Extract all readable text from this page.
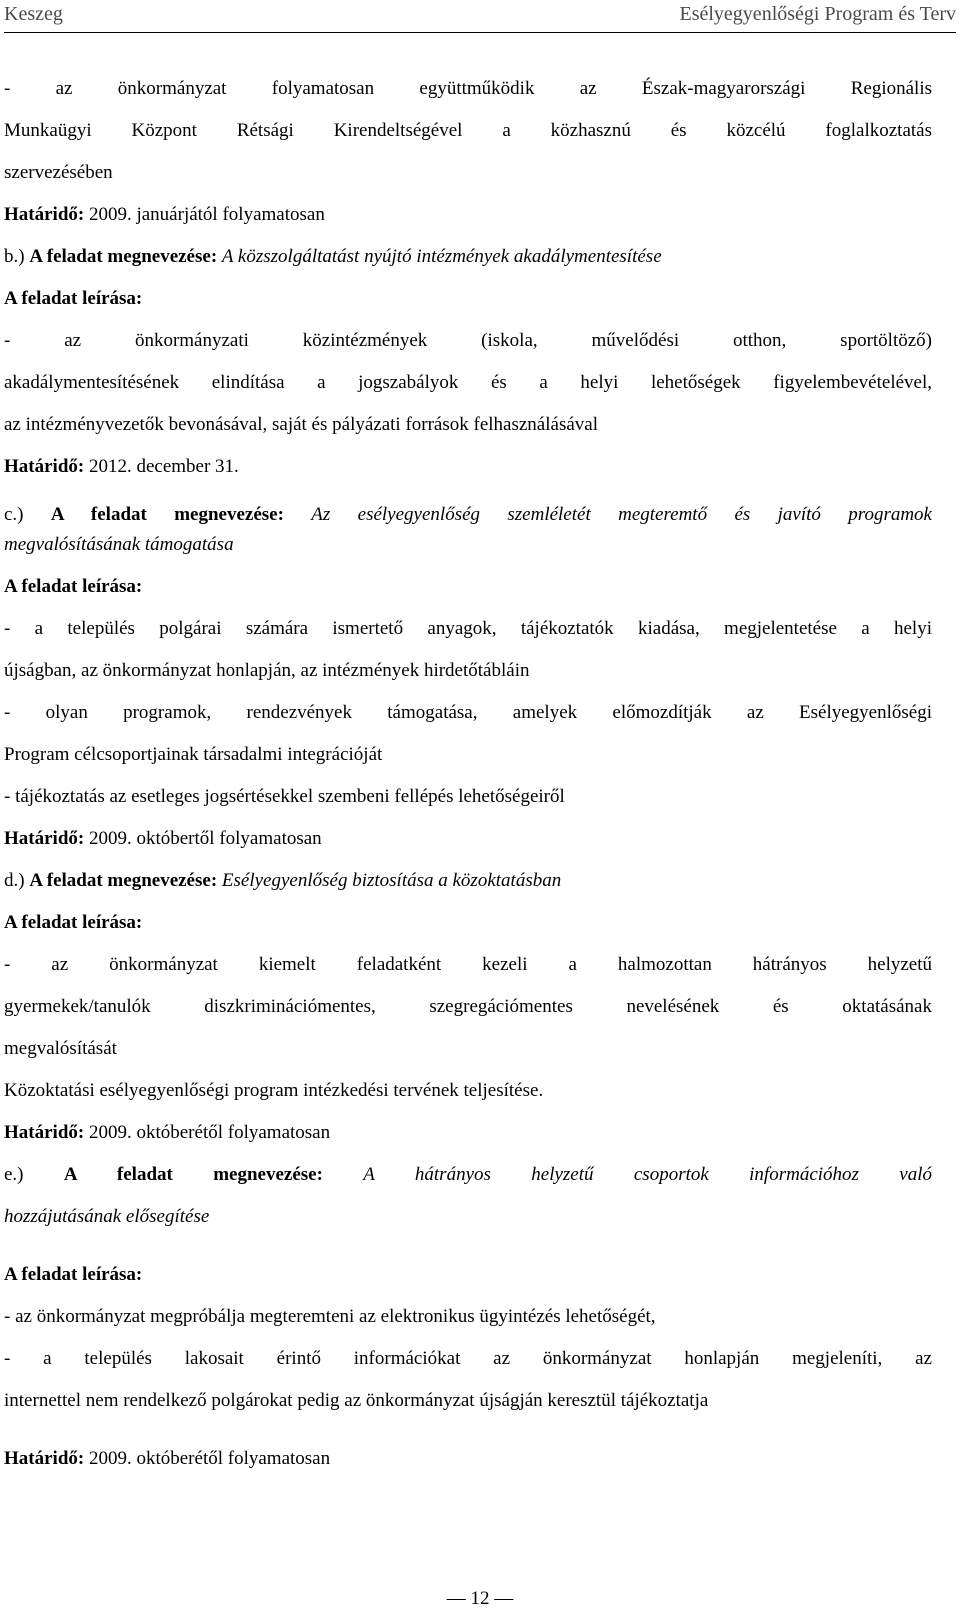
Keszeg	Esélyegyenlőségi Program és Terv
- az önkormányzat folyamatosan együttműködik az Észak-magyarországi Regionális
Munkaügyi Központ Rétsági Kirendeltségével a közhasznú és közcélú foglalkoztatás
szervezésében
Határidő: 2009. januárjától folyamatosan
b.) A feladat megnevezése: A közszolgáltatást nyújtó intézmények akadálymentesítése
A feladat leírása:
- az önkormányzati közintézmények (iskola, művelődési otthon, sportöltöző)
akadálymentesítésének elindítása a jogszabályok és a helyi lehetőségek figyelembevételével,
az intézményvezetők bevonásával, saját és pályázati források felhasználásával
Határidő: 2012. december 31.
c.) A feladat megnevezése: Az esélyegyenlőség szemléletét megteremtő és javító programok
megvalósításának támogatása
A feladat leírása:
- a település polgárai számára ismertető anyagok, tájékoztatók kiadása, megjelentetése a helyi
újságban, az önkormányzat honlapján, az intézmények hirdetőtábláin
- olyan programok, rendezvények támogatása, amelyek előmozdítják az Esélyegyenlőségi
Program célcsoportjainak társadalmi integrációját
- tájékoztatás az esetleges jogsértésekkel szembeni fellépés lehetőségeiről
Határidő: 2009. októbertől folyamatosan
d.) A feladat megnevezése: Esélyegyenlőség biztosítása a közoktatásban
A feladat leírása:
- az önkormányzat kiemelt feladatként kezeli a halmozottan hátrányos helyzetű
gyermekek/tanulók diszkriminációmentes, szegregációmentes nevelésének és oktatásának
megvalósítását
Közoktatási esélyegyenlőségi program intézkedési tervének teljesítése.
Határidő: 2009. októberétől folyamatosan
e.) A feladat megnevezése: A hátrányos helyzetű csoportok információhoz való
hozzájutásának elősegítése
A feladat leírása:
- az önkormányzat megpróbálja megteremteni az elektronikus ügyintézés lehetőségét,
- a település lakosait érintő információkat az önkormányzat honlapján megjeleníti, az
internettel nem rendelkező polgárokat pedig az önkormányzat újságján keresztül tájékoztatja
Határidő: 2009. októberétől folyamatosan
— 12 —
